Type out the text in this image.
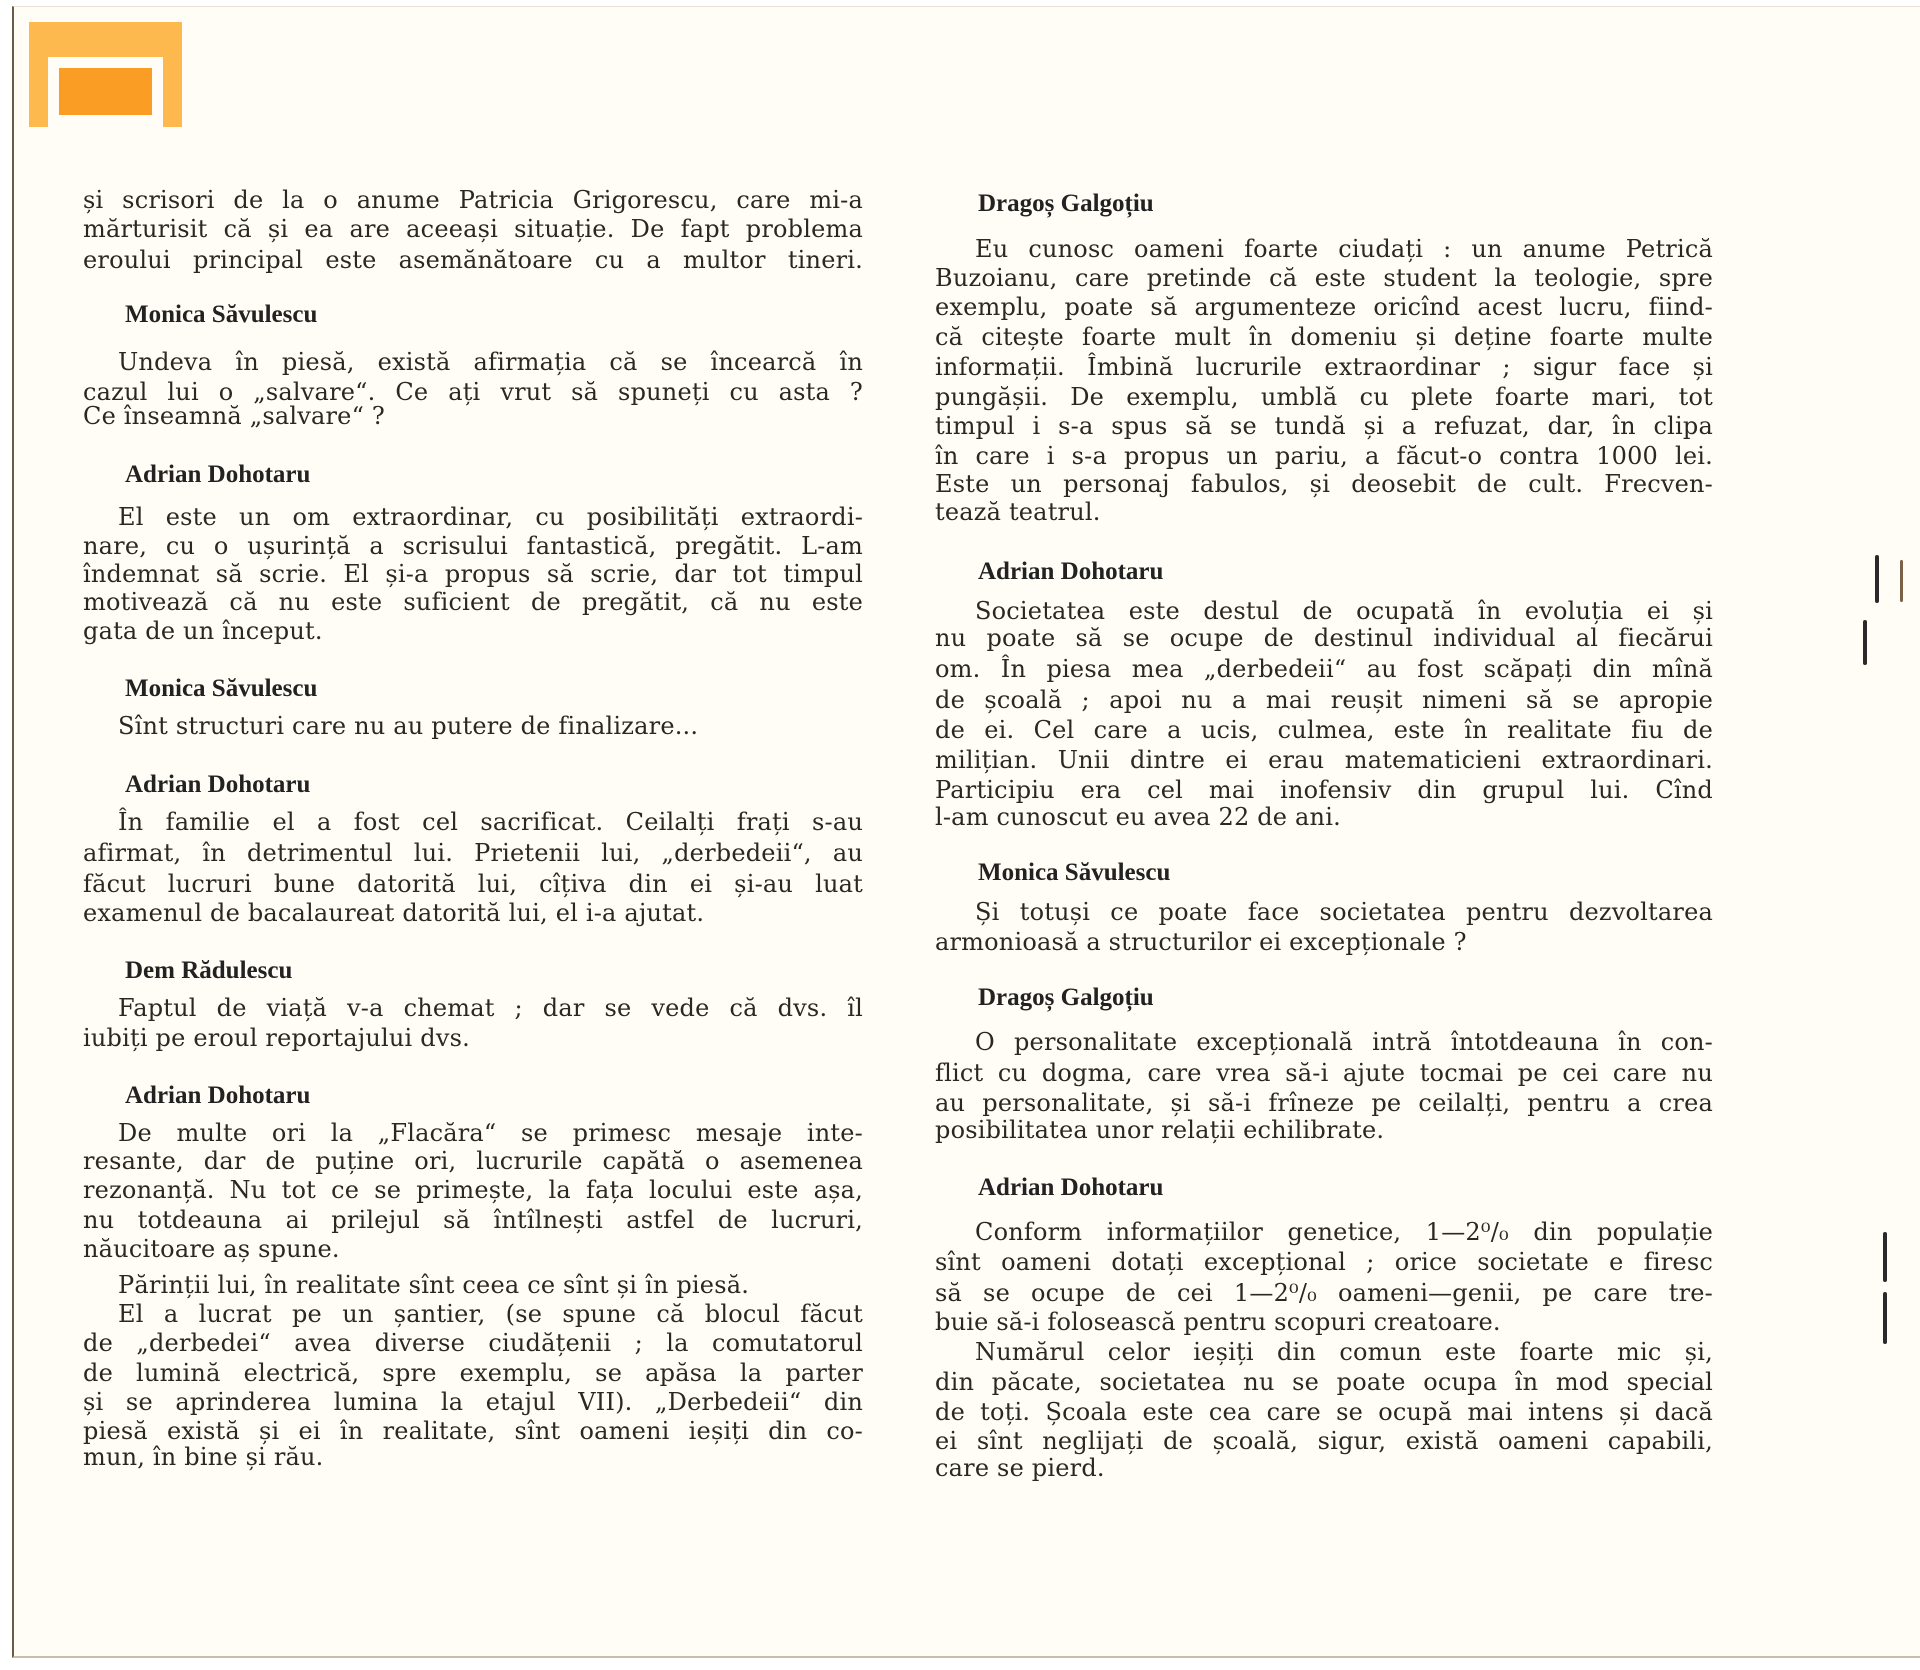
și scrisori de la o anume Patricia Grigorescu, care mi-a
mărturisit că și ea are aceeași situație. De fapt problema
eroului principal este asemănătoare cu a multor tineri.
Monica Săvulescu
Undeva în piesă, există afirmația că se încearcă în
cazul lui o „salvare“. Ce ați vrut să spuneți cu asta ?
Ce înseamnă „salvare“ ?
Adrian Dohotaru
El este un om extraordinar, cu posibilități extraordi-
nare, cu o ușurință a scrisului fantastică, pregătit. L-am
îndemnat să scrie. El și-a propus să scrie, dar tot timpul
motivează că nu este suficient de pregătit, că nu este
gata de un început.
Monica Săvulescu
Sînt structuri care nu au putere de finalizare...
Adrian Dohotaru
În familie el a fost cel sacrificat. Ceilalți frați s-au
afirmat, în detrimentul lui. Prietenii lui, „derbedeii“, au
făcut lucruri bune datorită lui, cîțiva din ei și-au luat
examenul de bacalaureat datorită lui, el i-a ajutat.
Dem Rădulescu
Faptul de viață v-a chemat ; dar se vede că dvs. îl
iubiți pe eroul reportajului dvs.
Adrian Dohotaru
De multe ori la „Flacăra“ se primesc mesaje inte-
resante, dar de puține ori, lucrurile capătă o asemenea
rezonanță. Nu tot ce se primește, la fața locului este așa,
nu totdeauna ai prilejul să întîlnești astfel de lucruri,
năucitoare aș spune.
Părinții lui, în realitate sînt ceea ce sînt și în piesă.
El a lucrat pe un șantier, (se spune că blocul făcut
de „derbedei“ avea diverse ciudățenii ; la comutatorul
de lumină electrică, spre exemplu, se apăsa la parter
și se aprinderea lumina la etajul VII). „Derbedeii“ din
piesă există și ei în realitate, sînt oameni ieșiți din co-
mun, în bine și rău.
Dragoș Galgoțiu
Eu cunosc oameni foarte ciudați : un anume Petrică
Buzoianu, care pretinde că este student la teologie, spre
exemplu, poate să argumenteze oricînd acest lucru, fiind-
că citește foarte mult în domeniu și deține foarte multe
informații. Îmbină lucrurile extraordinar ; sigur face și
pungășii. De exemplu, umblă cu plete foarte mari, tot
timpul i s-a spus să se tundă și a refuzat, dar, în clipa
în care i s-a propus un pariu, a făcut-o contra 1000 lei.
Este un personaj fabulos, și deosebit de cult. Frecven-
tează teatrul.
Adrian Dohotaru
Societatea este destul de ocupată în evoluția ei și
nu poate să se ocupe de destinul individual al fiecărui
om. În piesa mea „derbedeii“ au fost scăpați din mînă
de școală ; apoi nu a mai reușit nimeni să se apropie
de ei. Cel care a ucis, culmea, este în realitate fiu de
milițian. Unii dintre ei erau matematicieni extraordinari.
Participiu era cel mai inofensiv din grupul lui. Cînd
l-am cunoscut eu avea 22 de ani.
Monica Săvulescu
Și totuși ce poate face societatea pentru dezvoltarea
armonioasă a structurilor ei excepționale ?
Dragoș Galgoțiu
O personalitate excepțională intră întotdeauna în con-
flict cu dogma, care vrea să-i ajute tocmai pe cei care nu
au personalitate, și să-i frîneze pe ceilalți, pentru a crea
posibilitatea unor relații echilibrate.
Adrian Dohotaru
Conform informațiilor genetice, 1—2⁰/₀ din populație
sînt oameni dotați excepțional ; orice societate e firesc
să se ocupe de cei 1—2⁰/₀ oameni—genii, pe care tre-
buie să-i folosească pentru scopuri creatoare.
Numărul celor ieșiți din comun este foarte mic și,
din păcate, societatea nu se poate ocupa în mod special
de toți. Școala este cea care se ocupă mai intens și dacă
ei sînt neglijați de școală, sigur, există oameni capabili,
care se pierd.
